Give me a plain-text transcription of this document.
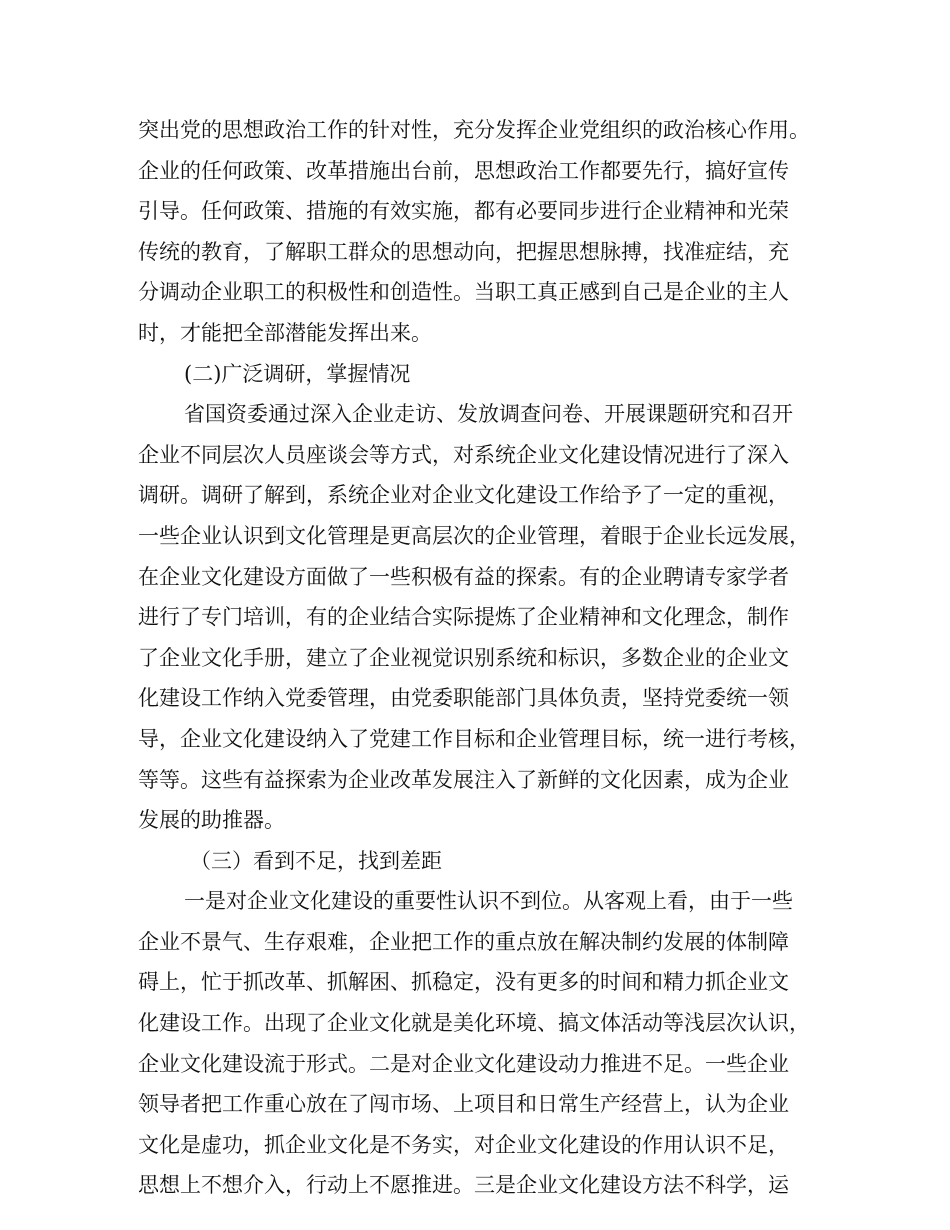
突出党的思想政治工作的针对性，充分发挥企业党组织的政治核心作用。
企业的任何政策、改革措施出台前，思想政治工作都要先行，搞好宣传
引导。任何政策、措施的有效实施，都有必要同步进行企业精神和光荣
传统的教育，了解职工群众的思想动向，把握思想脉搏，找准症结，充
分调动企业职工的积极性和创造性。当职工真正感到自己是企业的主人
时，才能把全部潜能发挥出来。
(二)广泛调研，掌握情况
省国资委通过深入企业走访、发放调查问卷、开展课题研究和召开
企业不同层次人员座谈会等方式，对系统企业文化建设情况进行了深入
调研。调研了解到，系统企业对企业文化建设工作给予了一定的重视，
一些企业认识到文化管理是更高层次的企业管理，着眼于企业长远发展，
在企业文化建设方面做了一些积极有益的探索。有的企业聘请专家学者
进行了专门培训，有的企业结合实际提炼了企业精神和文化理念，制作
了企业文化手册，建立了企业视觉识别系统和标识，多数企业的企业文
化建设工作纳入党委管理，由党委职能部门具体负责，坚持党委统一领
导，企业文化建设纳入了党建工作目标和企业管理目标，统一进行考核，
等等。这些有益探索为企业改革发展注入了新鲜的文化因素，成为企业
发展的助推器。
（三）看到不足，找到差距
一是对企业文化建设的重要性认识不到位。从客观上看，由于一些
企业不景气、生存艰难，企业把工作的重点放在解决制约发展的体制障
碍上，忙于抓改革、抓解困、抓稳定，没有更多的时间和精力抓企业文
化建设工作。出现了企业文化就是美化环境、搞文体活动等浅层次认识，
企业文化建设流于形式。二是对企业文化建设动力推进不足。一些企业
领导者把工作重心放在了闯市场、上项目和日常生产经营上，认为企业
文化是虚功，抓企业文化是不务实，对企业文化建设的作用认识不足，
思想上不想介入，行动上不愿推进。三是企业文化建设方法不科学，运
